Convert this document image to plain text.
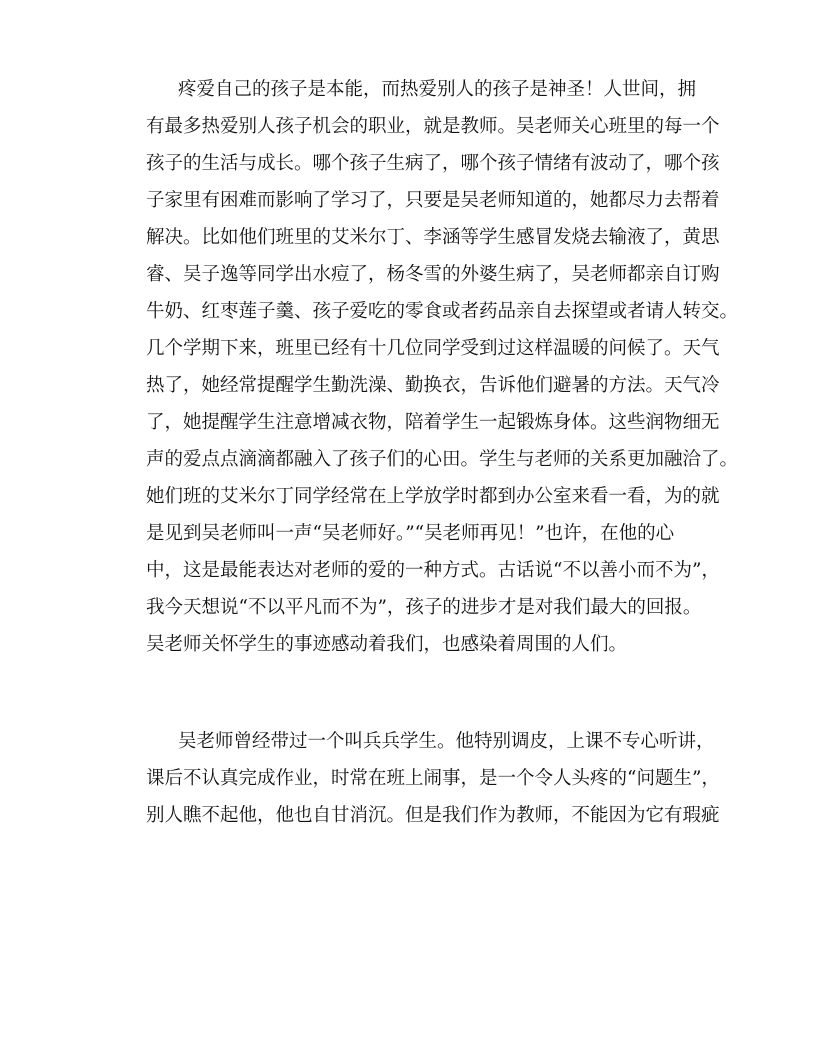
疼爱自己的孩子是本能，而热爱别人的孩子是神圣！人世间，拥
有最多热爱别人孩子机会的职业，就是教师。吴老师关心班里的每一个
孩子的生活与成长。哪个孩子生病了，哪个孩子情绪有波动了，哪个孩
子家里有困难而影响了学习了，只要是吴老师知道的，她都尽力去帮着
解决。比如他们班里的艾米尔丁、李涵等学生感冒发烧去输液了，黄思
睿、吴子逸等同学出水痘了，杨冬雪的外婆生病了，吴老师都亲自订购
牛奶、红枣莲子羹、孩子爱吃的零食或者药品亲自去探望或者请人转交。
几个学期下来，班里已经有十几位同学受到过这样温暖的问候了。天气
热了，她经常提醒学生勤洗澡、勤换衣，告诉他们避暑的方法。天气冷
了，她提醒学生注意增减衣物，陪着学生一起锻炼身体。这些润物细无
声的爱点点滴滴都融入了孩子们的心田。学生与老师的关系更加融洽了。
她们班的艾米尔丁同学经常在上学放学时都到办公室来看一看，为的就
是见到吴老师叫一声“吴老师好。”“吴老师再见！”也许，在他的心
中，这是最能表达对老师的爱的一种方式。古话说“不以善小而不为”，
我今天想说“不以平凡而不为”，孩子的进步才是对我们最大的回报。
吴老师关怀学生的事迹感动着我们，也感染着周围的人们。
吴老师曾经带过一个叫兵兵学生。他特别调皮，上课不专心听讲，
课后不认真完成作业，时常在班上闹事，是一个令人头疼的“问题生”，
别人瞧不起他，他也自甘消沉。但是我们作为教师，不能因为它有瑕疵
